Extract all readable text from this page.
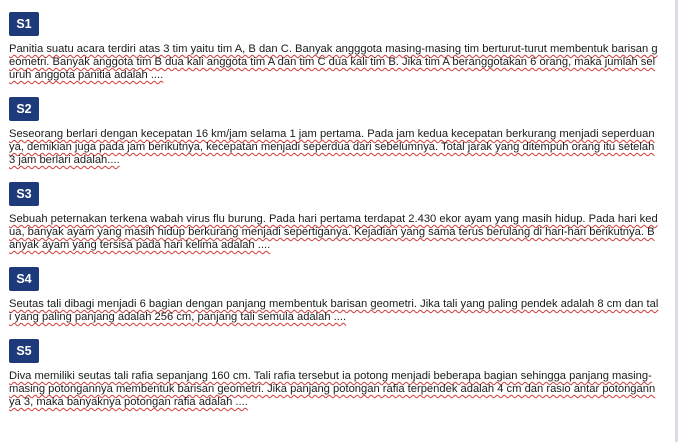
S1

Panitia suatu acara terdiri atas 3 tim yaitu tim A, B dan C. Banyak angggota masing-masing tim berturut-turut membentuk barisan geometri. Banyak anggota tim B dua kali anggota tim A dan tim C dua kali tim B. Jika tim A beranggotakan 6 orang, maka jumlah seluruh anggota panitia adalah ....

S2

Seseorang berlari dengan kecepatan 16 km/jam selama 1 jam pertama. Pada jam kedua kecepatan berkurang menjadi seperduanya, demikian juga pada jam berikutnya, kecepatan menjadi seperdua dari sebelumnya. Total jarak yang ditempuh orang itu setelah 3 jam berlari adalah....

S3

Sebuah peternakan terkena wabah virus flu burung. Pada hari pertama terdapat 2.430 ekor ayam yang masih hidup. Pada hari kedua, banyak ayam yang masih hidup berkurang menjadi sepertiganya. Kejadian yang sama terus berulang di hari-hari berikutnya. Banyak ayam yang tersisa pada hari kelima adalah ....

S4

Seutas tali dibagi menjadi 6 bagian dengan panjang membentuk barisan geometri. Jika tali yang paling pendek adalah 8 cm dan tali yang paling panjang adalah 256 cm, panjang tali semula adalah ....

S5

Diva memiliki seutas tali rafia sepanjang 160 cm. Tali rafia tersebut ia potong menjadi beberapa bagian sehingga panjang masing-masing potongannya membentuk barisan geometri. Jika panjang potongan rafia terpendek adalah 4 cm dan rasio antar potongannya 3, maka banyaknya potongan rafia adalah ....
